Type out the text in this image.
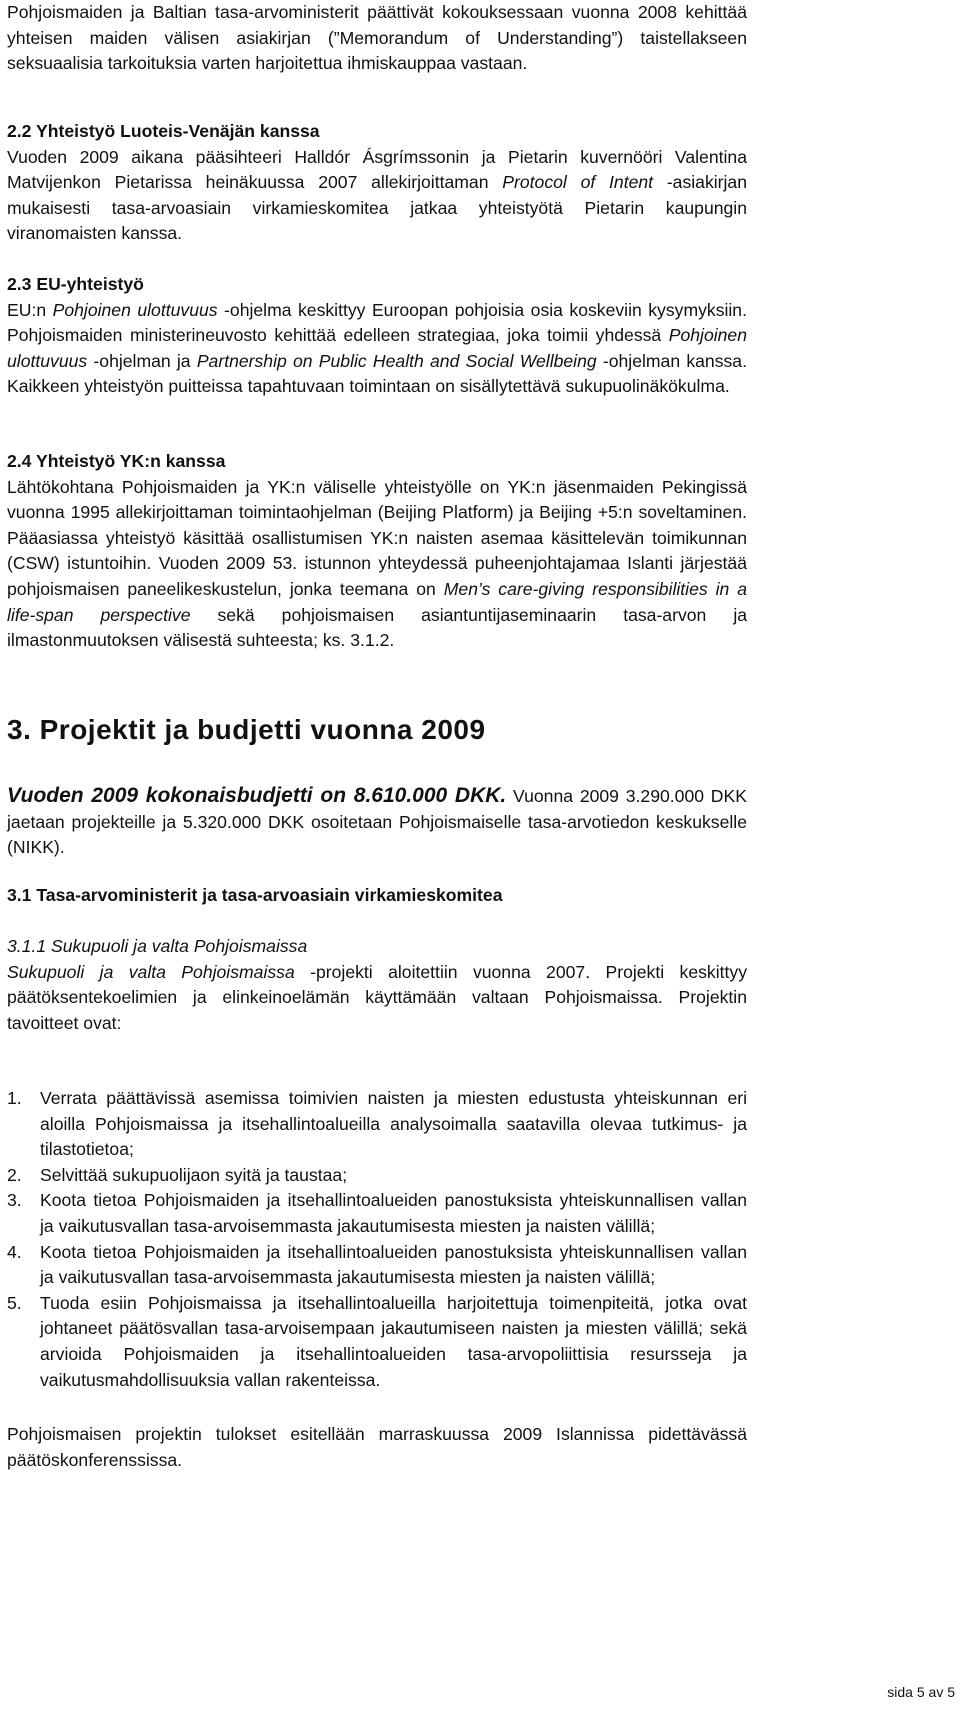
Pohjoismaiden ja Baltian tasa-arvoministerit päättivät kokouksessaan vuonna 2008 kehittää yhteisen maiden välisen asiakirjan (”Memorandum of Understanding”) taistellakseen seksuaalisia tarkoituksia varten harjoitettua ihmiskauppaa vastaan.

2.2 Yhteistyö Luoteis-Venäjän kanssa

Vuoden 2009 aikana pääsihteeri Halldór Ásgrímssonin ja Pietarin kuvernööri Valentina Matvijenkon Pietarissa heinäkuussa 2007 allekirjoittaman Protocol of Intent -asiakirjan mukaisesti tasa-arvoasiain virkamieskomitea jatkaa yhteistyötä Pietarin kaupungin viranomaisten kanssa.

2.3 EU-yhteistyö

EU:n Pohjoinen ulottuvuus -ohjelma keskittyy Euroopan pohjoisia osia koskeviin kysymyksiin. Pohjoismaiden ministerineuvosto kehittää edelleen strategiaa, joka toimii yhdessä Pohjoinen ulottuvuus -ohjelman ja Partnership on Public Health and Social Wellbeing -ohjelman kanssa. Kaikkeen yhteistyön puitteissa tapahtuvaan toimintaan on sisällytettävä sukupuolinäkökulma.

2.4 Yhteistyö YK:n kanssa

Lähtökohtana Pohjoismaiden ja YK:n väliselle yhteistyölle on YK:n jäsenmaiden Pekingissä vuonna 1995 allekirjoittaman toimintaohjelman (Beijing Platform) ja Beijing +5:n soveltaminen. Pääasiassa yhteistyö käsittää osallistumisen YK:n naisten asemaa käsittelevän toimikunnan (CSW) istuntoihin. Vuoden 2009 53. istunnon yhteydessä puheenjohtajamaa Islanti järjestää pohjoismaisen paneelikeskustelun, jonka teemana on Men’s care-giving responsibilities in a life-span perspective sekä pohjoismaisen asiantuntijaseminaarin tasa-arvon ja ilmastonmuutoksen välisestä suhteesta; ks. 3.1.2.

3. Projektit ja budjetti vuonna 2009

Vuoden 2009 kokonaisbudjetti on 8.610.000 DKK. Vuonna 2009 3.290.000 DKK jaetaan projekteille ja 5.320.000 DKK osoitetaan Pohjoismaiselle tasa-arvotiedon keskukselle (NIKK).

3.1 Tasa-arvoministerit ja tasa-arvoasiain virkamieskomitea
3.1.1 Sukupuoli ja valta Pohjoismaissa

Sukupuoli ja valta Pohjoismaissa -projekti aloitettiin vuonna 2007. Projekti keskittyy päätöksentekoelimien ja elinkeinoelämän käyttämään valtaan Pohjoismaissa. Projektin tavoitteet ovat:

1. Verrata päättävissä asemissa toimivien naisten ja miesten edustusta yhteiskunnan eri aloilla Pohjoismaissa ja itsehallintoalueilla analysoimalla saatavilla olevaa tutkimus- ja tilastotietoa;
2. Selvittää sukupuolijaon syitä ja taustaa;
3. Koota tietoa Pohjoismaiden ja itsehallintoalueiden panostuksista yhteiskunnallisen vallan ja vaikutusvallan tasa-arvoisemmasta jakautumisesta miesten ja naisten välillä;
4. Koota tietoa Pohjoismaiden ja itsehallintoalueiden panostuksista yhteiskunnallisen vallan ja vaikutusvallan tasa-arvoisemmasta jakautumisesta miesten ja naisten välillä;
5. Tuoda esiin Pohjoismaissa ja itsehallintoalueilla harjoitettuja toimenpiteitä, jotka ovat johtaneet päätösvallan tasa-arvoisempaan jakautumiseen naisten ja miesten välillä; sekä arvioida Pohjoismaiden ja itsehallintoalueiden tasa-arvopoliittisia resursseja ja vaikutusmahdollisuuksia vallan rakenteissa.

Pohjoismaisen projektin tulokset esitellään marraskuussa 2009 Islannissa pidettävässä päätöskonferenssissa.

sida 5 av 5
